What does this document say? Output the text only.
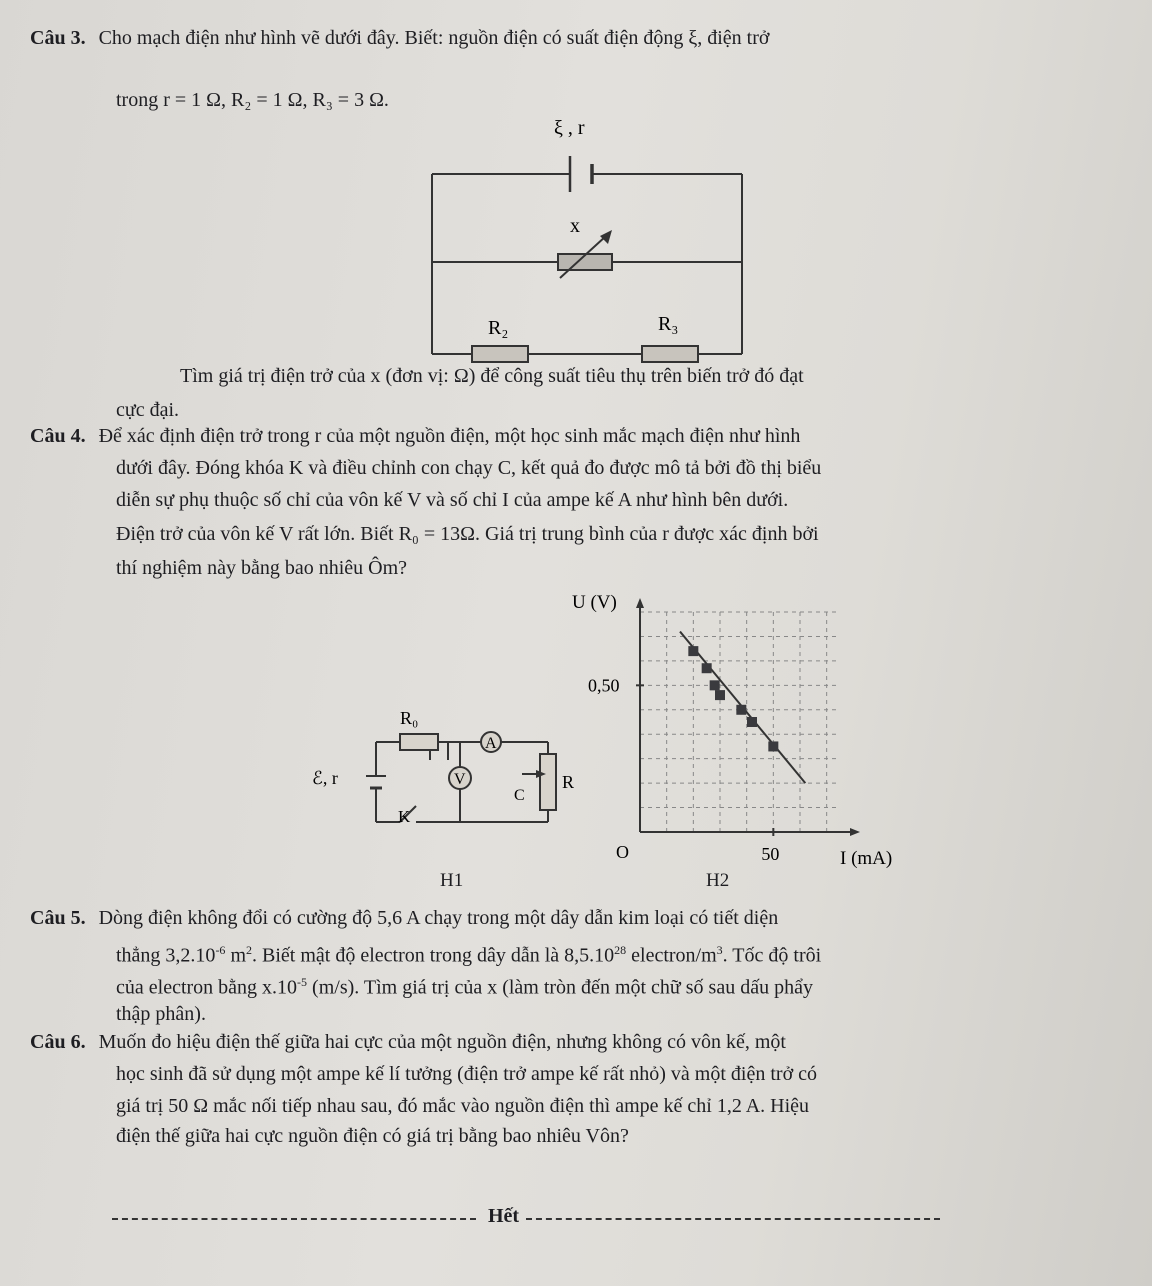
Câu 3. Cho mạch điện như hình vẽ dưới đây. Biết: nguồn điện có suất điện động ξ, điện trở
trong r = 1 Ω, R₂ = 1 Ω, R₃ = 3 Ω.
ξ , r
x
R₂	R₃
Tìm giá trị điện trở của x (đơn vị: Ω) để công suất tiêu thụ trên biến trở đó đạt
cực đại.
Câu 4. Để xác định điện trở trong r của một nguồn điện, một học sinh mắc mạch điện như hình
dưới đây. Đóng khóa K và điều chỉnh con chạy C, kết quả đo được mô tả bởi đồ thị biểu
diễn sự phụ thuộc số chỉ của vôn kế V và số chỉ I của ampe kế A như hình bên dưới.
Điện trở của vôn kế V rất lớn. Biết R₀ = 13Ω. Giá trị trung bình của r được xác định bởi
thí nghiệm này bằng bao nhiêu Ôm?
R₀
A
V
ℰ, r
C
R
K
H1
50
0,50
U (V)
I (mA)
O
H2
Câu 5. Dòng điện không đổi có cường độ 5,6 A chạy trong một dây dẫn kim loại có tiết diện
thẳng $3,2.10^{-6}$ $m^2$. Biết mật độ electron trong dây dẫn là 8,5.10$^{28}$ electron/$m^3$. Tốc độ trôi
của electron bằng $x.10^{-5}$ (m/s). Tìm giá trị của x (làm tròn đến một chữ số sau dấu phẩy
thập phân).
Câu 6. Muốn đo hiệu điện thế giữa hai cực của một nguồn điện, nhưng không có vôn kế, một
học sinh đã sử dụng một ampe kế lí tưởng (điện trở ampe kế rất nhỏ) và một điện trở có
giá trị 50 Ω mắc nối tiếp nhau sau, đó mắc vào nguồn điện thì ampe kế chỉ 1,2 A. Hiệu
điện thế giữa hai cực nguồn điện có giá trị bằng bao nhiêu Vôn?
Hết
